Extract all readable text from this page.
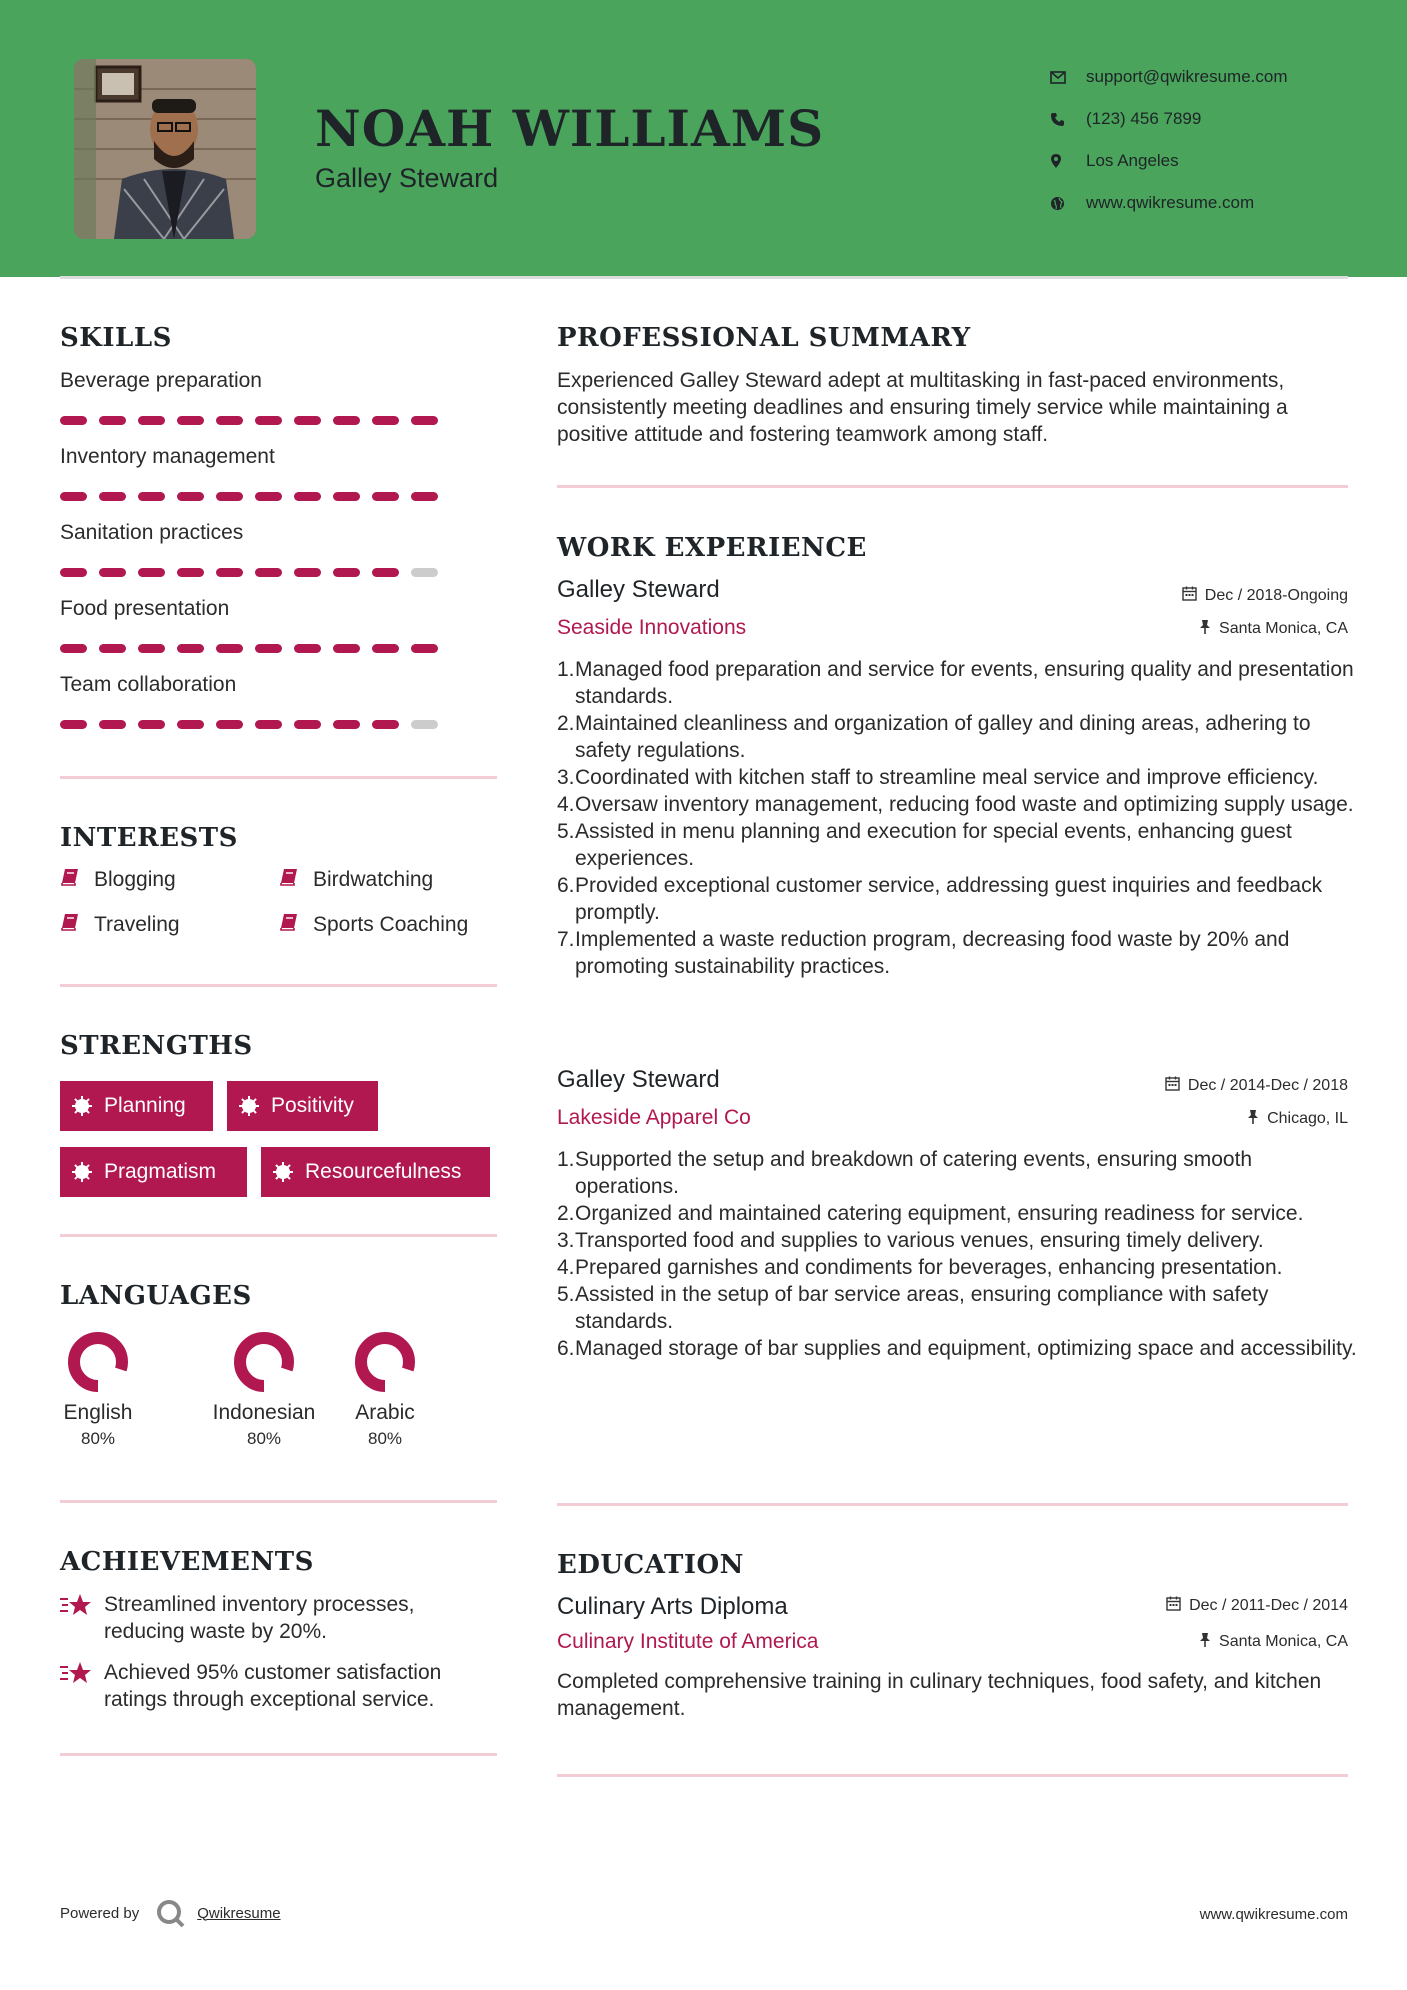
NOAH WILLIAMS
Galley Steward
support@qwikresume.com
(123) 456 7899
Los Angeles
www.qwikresume.com
SKILLS
Beverage preparation
Inventory management
Sanitation practices
Food presentation
Team collaboration
INTERESTS
Blogging	Birdwatching
Traveling	Sports Coaching
STRENGTHS
Planning	Positivity
Pragmatism	Resourcefulness
LANGUAGES
English
80%
Indonesian
80%
Arabic
80%
ACHIEVEMENTS
Streamlined inventory processes, reducing waste by 20%.
Achieved 95% customer satisfaction ratings through exceptional service.
PROFESSIONAL SUMMARY
Experienced Galley Steward adept at multitasking in fast-paced environments, consistently meeting deadlines and ensuring timely service while maintaining a positive attitude and fostering teamwork among staff.
WORK EXPERIENCE
Galley Steward	Dec / 2018-Ongoing
Seaside Innovations	Santa Monica, CA
1. Managed food preparation and service for events, ensuring quality and presentation standards.
2. Maintained cleanliness and organization of galley and dining areas, adhering to safety regulations.
3. Coordinated with kitchen staff to streamline meal service and improve efficiency.
4. Oversaw inventory management, reducing food waste and optimizing supply usage.
5. Assisted in menu planning and execution for special events, enhancing guest experiences.
6. Provided exceptional customer service, addressing guest inquiries and feedback promptly.
7. Implemented a waste reduction program, decreasing food waste by 20% and promoting sustainability practices.
Galley Steward	Dec / 2014-Dec / 2018
Lakeside Apparel Co	Chicago, IL
1. Supported the setup and breakdown of catering events, ensuring smooth operations.
2. Organized and maintained catering equipment, ensuring readiness for service.
3. Transported food and supplies to various venues, ensuring timely delivery.
4. Prepared garnishes and condiments for beverages, enhancing presentation.
5. Assisted in the setup of bar service areas, ensuring compliance with safety standards.
6. Managed storage of bar supplies and equipment, optimizing space and accessibility.
EDUCATION
Culinary Arts Diploma	Dec / 2011-Dec / 2014
Culinary Institute of America	Santa Monica, CA
Completed comprehensive training in culinary techniques, food safety, and kitchen management.
Powered by	Qwikresume	www.qwikresume.com
